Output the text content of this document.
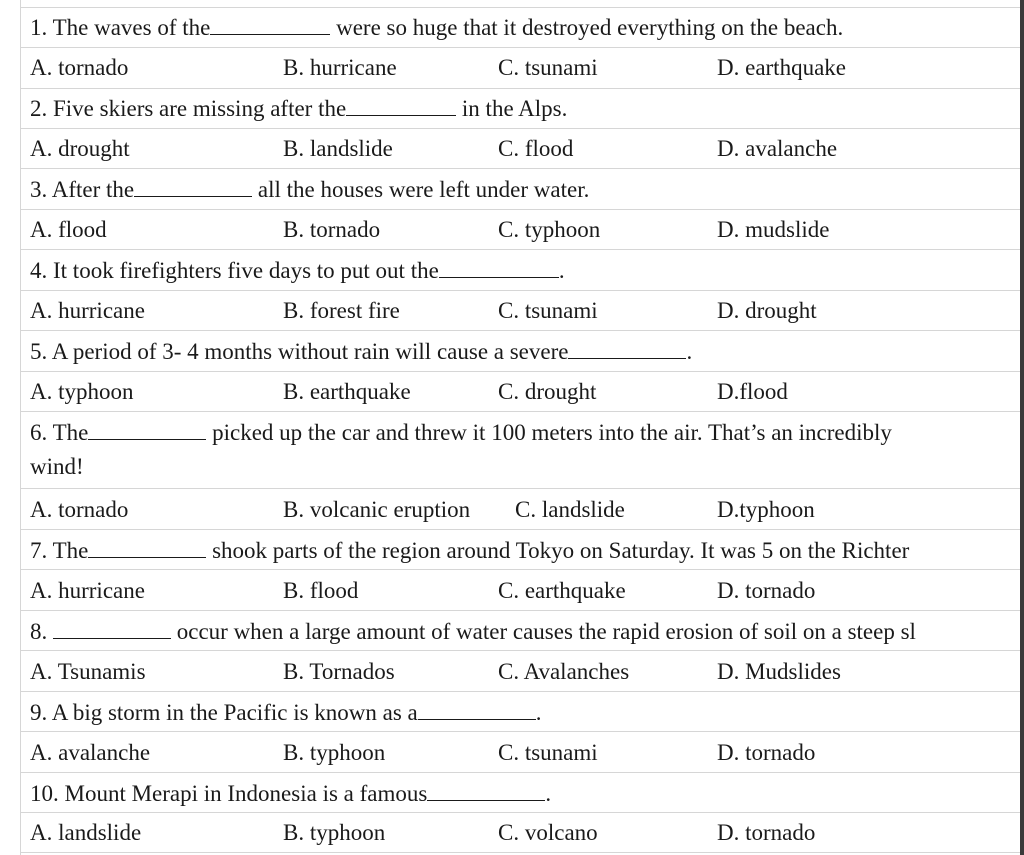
1. The waves of the	were so huge that it destroyed everything on the beach.
A. tornado	B. hurricane	C. tsunami	D. earthquake
2. Five skiers are missing after the	in the Alps.
A. drought	B. landslide	C. flood	D. avalanche
3. After the	all the houses were left under water.
A. flood	B. tornado	C. typhoon	D. mudslide
4. It took firefighters five days to put out the	.
A. hurricane	B. forest fire	C. tsunami	D. drought
5. A period of 3- 4 months without rain will cause a severe	.
A. typhoon	B. earthquake	C. drought	D.flood
6. The	picked up the car and threw it 100 meters into the air. That’s an incredibly
wind!
A. tornado	B. volcanic eruption C. landslide	D.typhoon
7. The	shook parts of the region around Tokyo on Saturday. It was 5 on the Richter
A. hurricane	B. flood	C. earthquake	D. tornado
8.	occur when a large amount of water causes the rapid erosion of soil on a steep sl
A. Tsunamis	B. Tornados	C. Avalanches	D. Mudslides
9. A big storm in the Pacific is known as a	.
A. avalanche	B. typhoon	C. tsunami	D. tornado
10. Mount Merapi in Indonesia is a famous	.
A. landslide	B. typhoon	C. volcano	D. tornado
